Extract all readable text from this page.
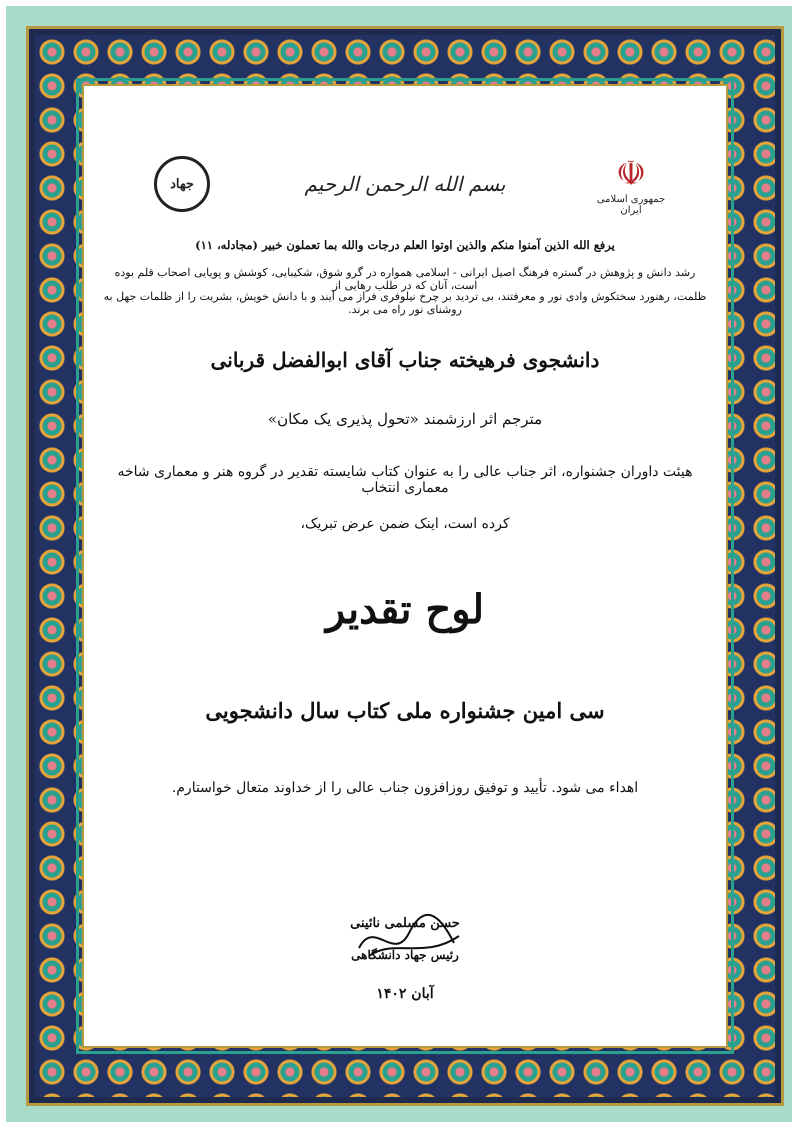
جهاد	☫
جمهوری اسلامی ایران
بسم الله الرحمن الرحیم
یرفع الله الذین آمنوا منکم والذین اوتوا العلم درجات والله بما تعملون خبیر (مجادله، ۱۱)
رشد دانش و پژوهش در گستره فرهنگ اصیل ایرانی - اسلامی همواره در گرو شوق، شکیبایی، کوشش و پویایی اصحاب قلم بوده است، آنان که در طلب رهایی از
ظلمت، رهنورد سختکوش وادی نور و معرفتند، بی تردید بر چرخ نیلوفری فراز می آیند و با دانش خویش، بشریت را از ظلمات جهل به روشنای نور راه می برند.
دانشجوی فرهیخته جناب آقای ابوالفضل قربانی
مترجم اثر ارزشمند «تحول پذیری یک مکان»
هیئت داوران جشنواره، اثر جناب عالی را به عنوان کتاب شایسته تقدیر در گروه هنر و معماری شاخه معماری انتخاب
کرده است، اینک ضمن عرض تبریک،
لوح تقدیر
سی امین جشنواره ملی کتاب سال دانشجویی
اهداء می شود. تأیید و توفیق روزافزون جناب عالی را از خداوند متعال خواستارم.
حسن مسلمی نائینی
رئیس جهاد دانشگاهی
آبان ۱۴۰۲
